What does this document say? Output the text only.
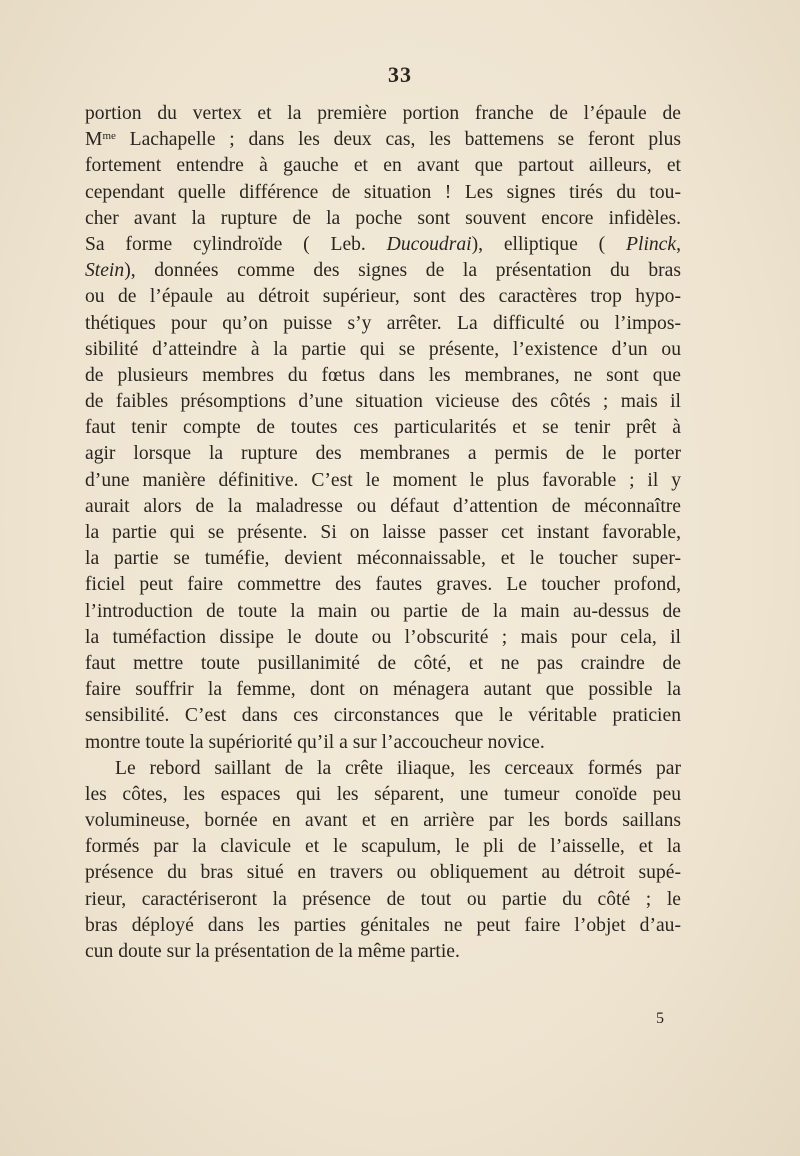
33
portion du vertex et la première portion franche de l’épaule de
$M^{me}$ Lachapelle ; dans les deux cas, les battemens se feront plus
fortement entendre à gauche et en avant que partout ailleurs, et
cependant quelle différence de situation ! Les signes tirés du tou-
cher avant la rupture de la poche sont souvent encore infidèles.
Sa forme cylindroïde ( Leb. Ducoudrai), elliptique ( Plinck,
Stein), données comme des signes de la présentation du bras
ou de l’épaule au détroit supérieur, sont des caractères trop hypo-
thétiques pour qu’on puisse s’y arrêter. La difficulté ou l’impos-
sibilité d’atteindre à la partie qui se présente, l’existence d’un ou
de plusieurs membres du fœtus dans les membranes, ne sont que
de faibles présomptions d’une situation vicieuse des côtés ; mais il
faut tenir compte de toutes ces particularités et se tenir prêt à
agir lorsque la rupture des membranes a permis de le porter
d’une manière définitive. C’est le moment le plus favorable ; il y
aurait alors de la maladresse ou défaut d’attention de méconnaître
la partie qui se présente. Si on laisse passer cet instant favorable,
la partie se tuméfie, devient méconnaissable, et le toucher super-
ficiel peut faire commettre des fautes graves. Le toucher profond,
l’introduction de toute la main ou partie de la main au-dessus de
la tuméfaction dissipe le doute ou l’obscurité ; mais pour cela, il
faut mettre toute pusillanimité de côté, et ne pas craindre de
faire souffrir la femme, dont on ménagera autant que possible la
sensibilité. C’est dans ces circonstances que le véritable praticien
montre toute la supériorité qu’il a sur l’accoucheur novice.
Le rebord saillant de la crête iliaque, les cerceaux formés par
les côtes, les espaces qui les séparent, une tumeur conoïde peu
volumineuse, bornée en avant et en arrière par les bords saillans
formés par la clavicule et le scapulum, le pli de l’aisselle, et la
présence du bras situé en travers ou obliquement au détroit supé-
rieur, caractériseront la présence de tout ou partie du côté ; le
bras déployé dans les parties génitales ne peut faire l’objet d’au-
cun doute sur la présentation de la même partie.
5
